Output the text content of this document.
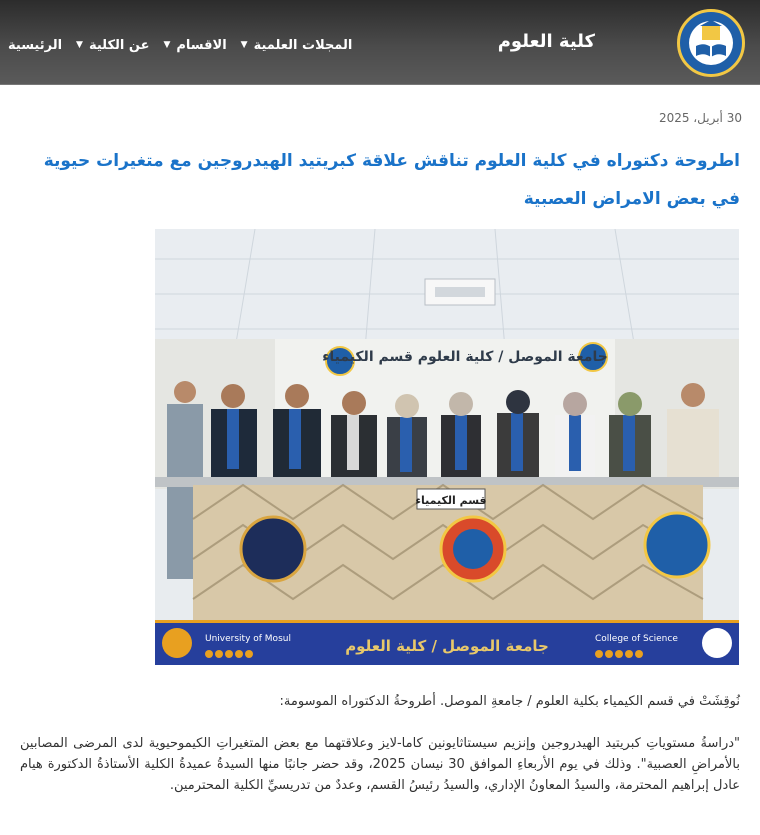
كلية العلوم
الرئيسية عن الكلية
▼	الاقسام
▼	المجلات العلمية
▼
30 أبريل، 2025
اطروحة دكتوراه في كلية العلوم تناقش علاقة كبريتيد الهيدروجين مع متغيرات حيوية في بعض الامراض العصبية
جامعة الموصل / كلية العلوم قسم الكيمياء
قسم الكيمياء
University of Mosul	College of Science
جامعة الموصل / كلية العلوم

نُوقِشَتْ في قسم الكيمياء بكلية العلوم / جامعةِ الموصل. أطروحةُ الدكتوراه الموسومة:

"دراسةُ مستوياتِ كبريتيد الهيدروجين وإنزيم سيستاثايونين كاما-لايز وعلاقتهما مع بعض المتغيراتِ الكيموحيوية لدى المرضى المصابين بالأمراضِ العصبية". وذلك في يوم الأربعاءِ الموافق 30 نيسان 2025، وقد حضر جانبًا منها السيدةُ عميدةُ الكلية الأستاذةُ الدكتورة هيام عادل إبراهيم المحترمة، والسيدُ المعاونُ الإداري، والسيدُ رئيسُ القسم، وعددٌ من تدريسيِّ الكلية المحترمين.
